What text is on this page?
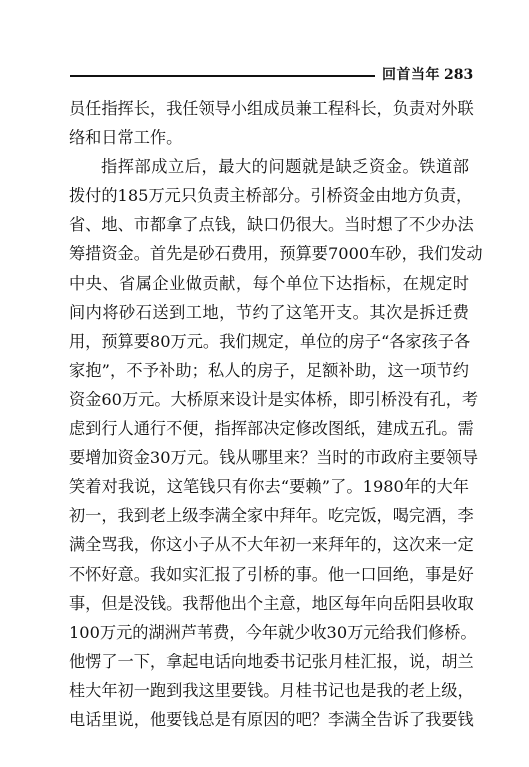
回首当年 283
员任指挥长，我任领导小组成员兼工程科长，负责对外联
络和日常工作。
指挥部成立后，最大的问题就是缺乏资金。铁道部
拨付的185万元只负责主桥部分。引桥资金由地方负责，
省、地、市都拿了点钱，缺口仍很大。当时想了不少办法
筹措资金。首先是砂石费用，预算要7000车砂，我们发动
中央、省属企业做贡献，每个单位下达指标，在规定时
间内将砂石送到工地，节约了这笔开支。其次是拆迁费
用，预算要80万元。我们规定，单位的房子“各家孩子各
家抱”，不予补助；私人的房子，足额补助，这一项节约
资金60万元。大桥原来设计是实体桥，即引桥没有孔，考
虑到行人通行不便，指挥部决定修改图纸，建成五孔。需
要增加资金30万元。钱从哪里来？当时的市政府主要领导
笑着对我说，这笔钱只有你去“要赖”了。1980年的大年
初一，我到老上级李满全家中拜年。吃完饭，喝完酒，李
满全骂我，你这小子从不大年初一来拜年的，这次来一定
不怀好意。我如实汇报了引桥的事。他一口回绝，事是好
事，但是没钱。我帮他出个主意，地区每年向岳阳县收取
100万元的湖洲芦苇费，今年就少收30万元给我们修桥。
他愣了一下，拿起电话向地委书记张月桂汇报，说，胡兰
桂大年初一跑到我这里要钱。月桂书记也是我的老上级，
电话里说，他要钱总是有原因的吧？李满全告诉了我要钱
